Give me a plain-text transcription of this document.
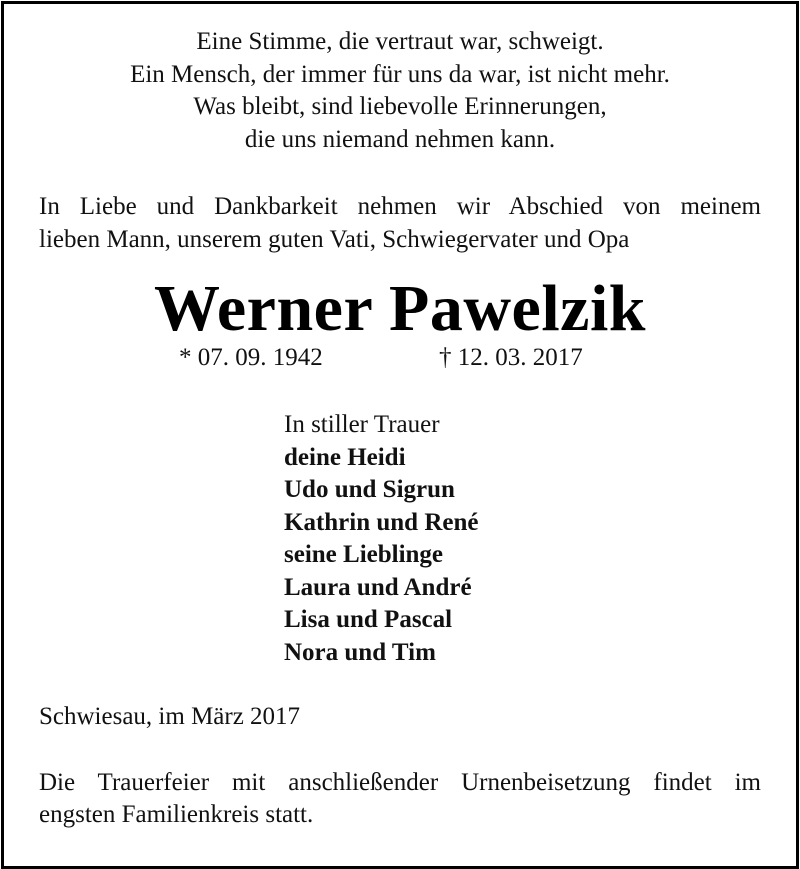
Eine Stimme, die vertraut war, schweigt.
Ein Mensch, der immer für uns da war, ist nicht mehr.
Was bleibt, sind liebevolle Erinnerungen,
die uns niemand nehmen kann.
In Liebe und Dankbarkeit nehmen wir Abschied von meinem
lieben Mann, unserem guten Vati, Schwiegervater und Opa
Werner Pawelzik
* 07. 09. 1942	† 12. 03. 2017
In stiller Trauer
deine Heidi
Udo und Sigrun
Kathrin und René
seine Lieblinge
Laura und André
Lisa und Pascal
Nora und Tim
Schwiesau, im März 2017
Die Trauerfeier mit anschließender Urnenbeisetzung findet im
engsten Familienkreis statt.
